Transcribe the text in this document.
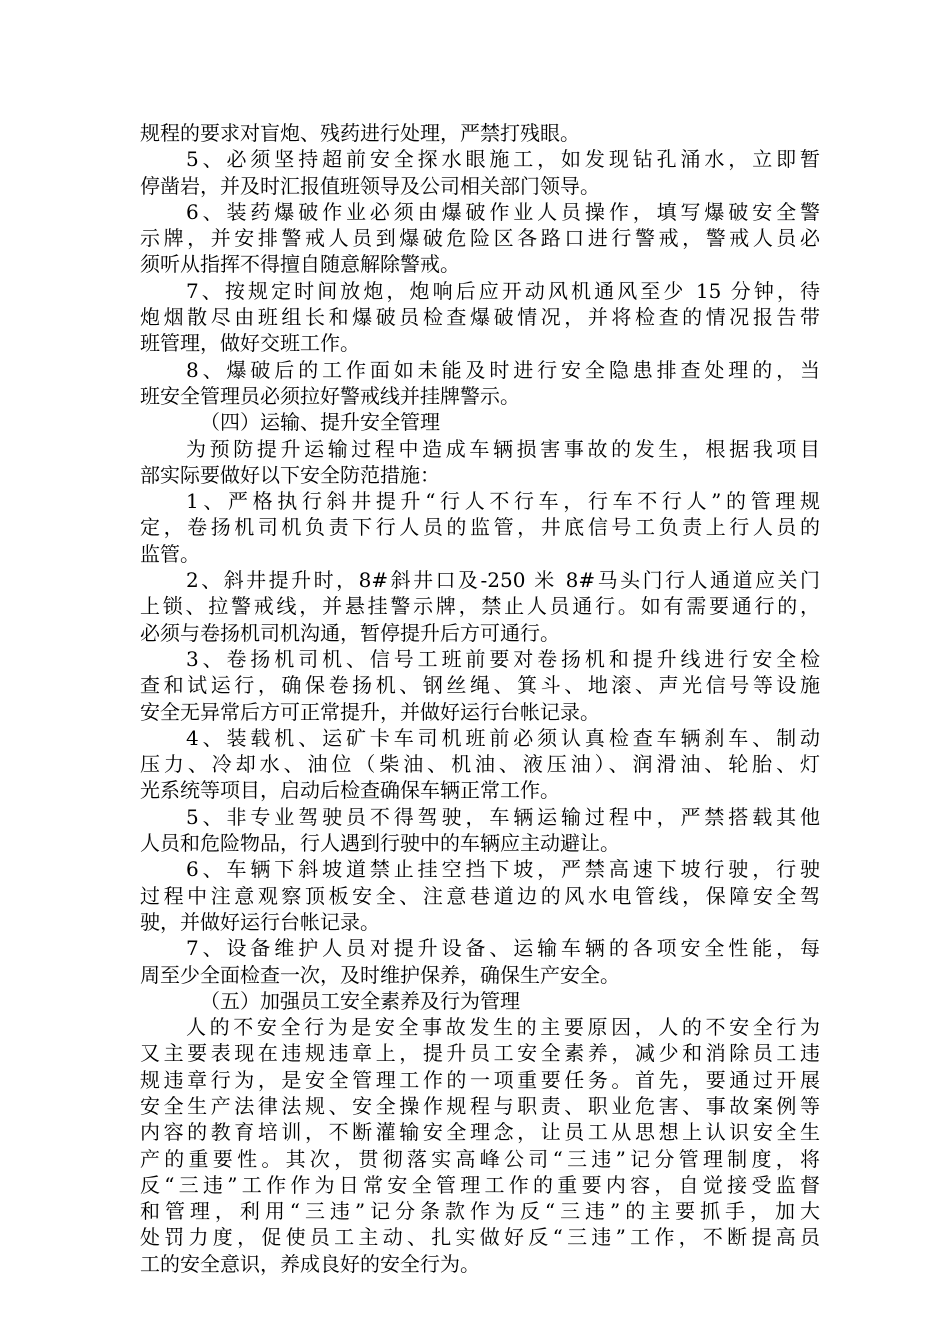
规程的要求对盲炮、残药进行处理，严禁打残眼。
5、必须坚持超前安全探水眼施工，如发现钻孔涌水，立即暂
停凿岩，并及时汇报值班领导及公司相关部门领导。
6、装药爆破作业必须由爆破作业人员操作，填写爆破安全警
示牌，并安排警戒人员到爆破危险区各路口进行警戒，警戒人员必
须听从指挥不得擅自随意解除警戒。
7、按规定时间放炮，炮响后应开动风机通风至少 15 分钟，待
炮烟散尽由班组长和爆破员检查爆破情况，并将检查的情况报告带
班管理，做好交班工作。
8、爆破后的工作面如未能及时进行安全隐患排查处理的，当
班安全管理员必须拉好警戒线并挂牌警示。
（四）运输、提升安全管理
为预防提升运输过程中造成车辆损害事故的发生，根据我项目
部实际要做好以下安全防范措施：
1、严格执行斜井提升“行人不行车，行车不行人”的管理规
定，卷扬机司机负责下行人员的监管，井底信号工负责上行人员的
监管。
2、斜井提升时，8#斜井口及-250 米 8#马头门行人通道应关门
上锁、拉警戒线，并悬挂警示牌，禁止人员通行。如有需要通行的，
必须与卷扬机司机沟通，暂停提升后方可通行。
3、卷扬机司机、信号工班前要对卷扬机和提升线进行安全检
查和试运行，确保卷扬机、钢丝绳、箕斗、地滚、声光信号等设施
安全无异常后方可正常提升，并做好运行台帐记录。
4、装载机、运矿卡车司机班前必须认真检查车辆刹车、制动
压力、冷却水、油位（柴油、机油、液压油）、润滑油、轮胎、灯
光系统等项目，启动后检查确保车辆正常工作。
5、非专业驾驶员不得驾驶，车辆运输过程中，严禁搭载其他
人员和危险物品，行人遇到行驶中的车辆应主动避让。
6、车辆下斜坡道禁止挂空挡下坡，严禁高速下坡行驶，行驶
过程中注意观察顶板安全、注意巷道边的风水电管线，保障安全驾
驶，并做好运行台帐记录。
7、设备维护人员对提升设备、运输车辆的各项安全性能，每
周至少全面检查一次，及时维护保养，确保生产安全。
（五）加强员工安全素养及行为管理
人的不安全行为是安全事故发生的主要原因，人的不安全行为
又主要表现在违规违章上，提升员工安全素养，减少和消除员工违
规违章行为，是安全管理工作的一项重要任务。首先，要通过开展
安全生产法律法规、安全操作规程与职责、职业危害、事故案例等
内容的教育培训，不断灌输安全理念，让员工从思想上认识安全生
产的重要性。其次，贯彻落实高峰公司“三违”记分管理制度，将
反“三违”工作作为日常安全管理工作的重要内容，自觉接受监督
和管理，利用“三违”记分条款作为反“三违”的主要抓手，加大
处罚力度，促使员工主动、扎实做好反“三违”工作，不断提高员
工的安全意识，养成良好的安全行为。
